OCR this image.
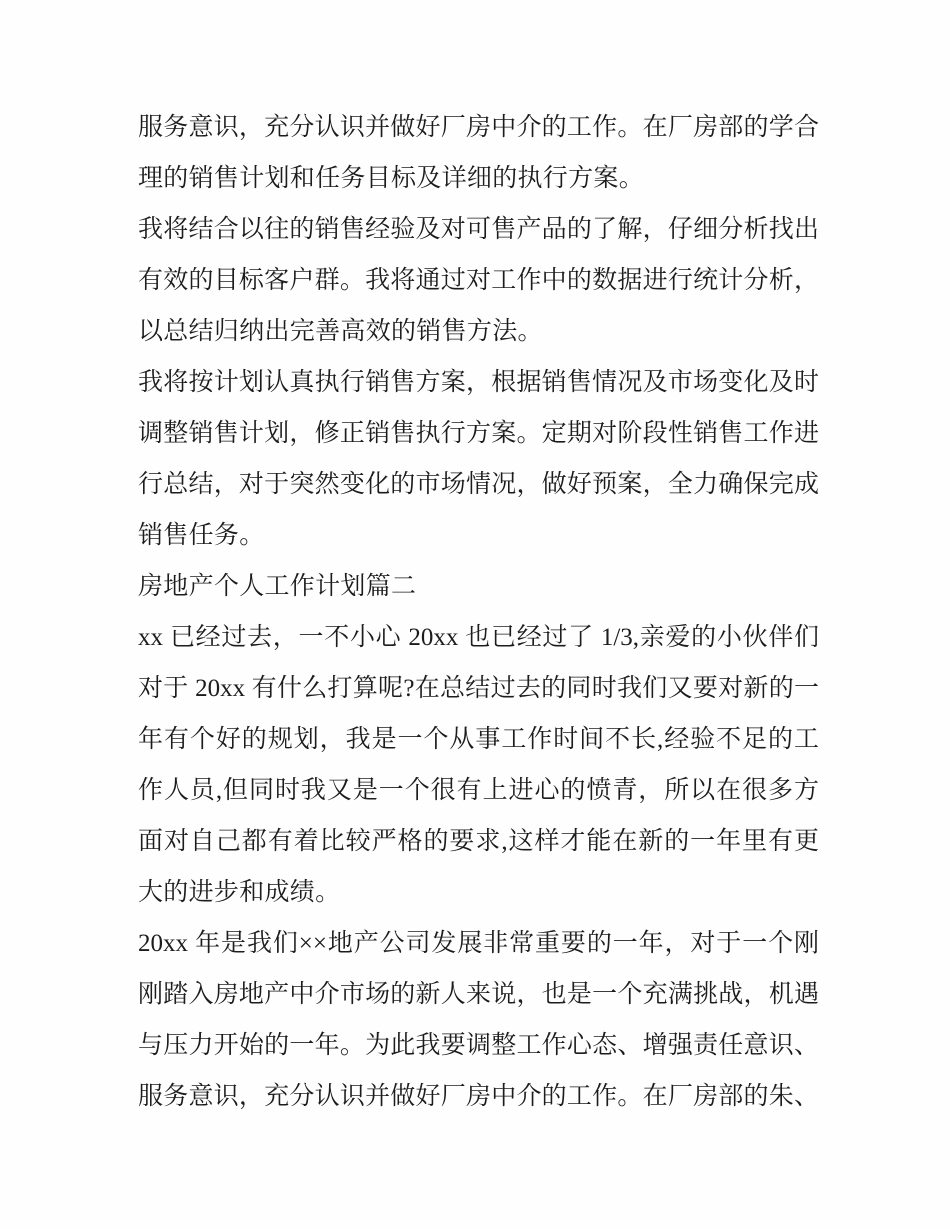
服务意识，充分认识并做好厂房中介的工作。在厂房部的学合
理的销售计划和任务目标及详细的执行方案。
我将结合以往的销售经验及对可售产品的了解，仔细分析找出
有效的目标客户群。我将通过对工作中的数据进行统计分析，
以总结归纳出完善高效的销售方法。
我将按计划认真执行销售方案，根据销售情况及市场变化及时
调整销售计划，修正销售执行方案。定期对阶段性销售工作进
行总结，对于突然变化的市场情况，做好预案，全力确保完成
销售任务。
房地产个人工作计划篇二
xx 已经过去，一不小心 20xx 也已经过了 1/3,亲爱的小伙伴们
对于 20xx 有什么打算呢?在总结过去的同时我们又要对新的一
年有个好的规划，我是一个从事工作时间不长,经验不足的工
作人员,但同时我又是一个很有上进心的愤青，所以在很多方
面对自己都有着比较严格的要求,这样才能在新的一年里有更
大的进步和成绩。
20xx 年是我们××地产公司发展非常重要的一年，对于一个刚
刚踏入房地产中介市场的新人来说，也是一个充满挑战，机遇
与压力开始的一年。为此我要调整工作心态、增强责任意识、
服务意识，充分认识并做好厂房中介的工作。在厂房部的朱、
